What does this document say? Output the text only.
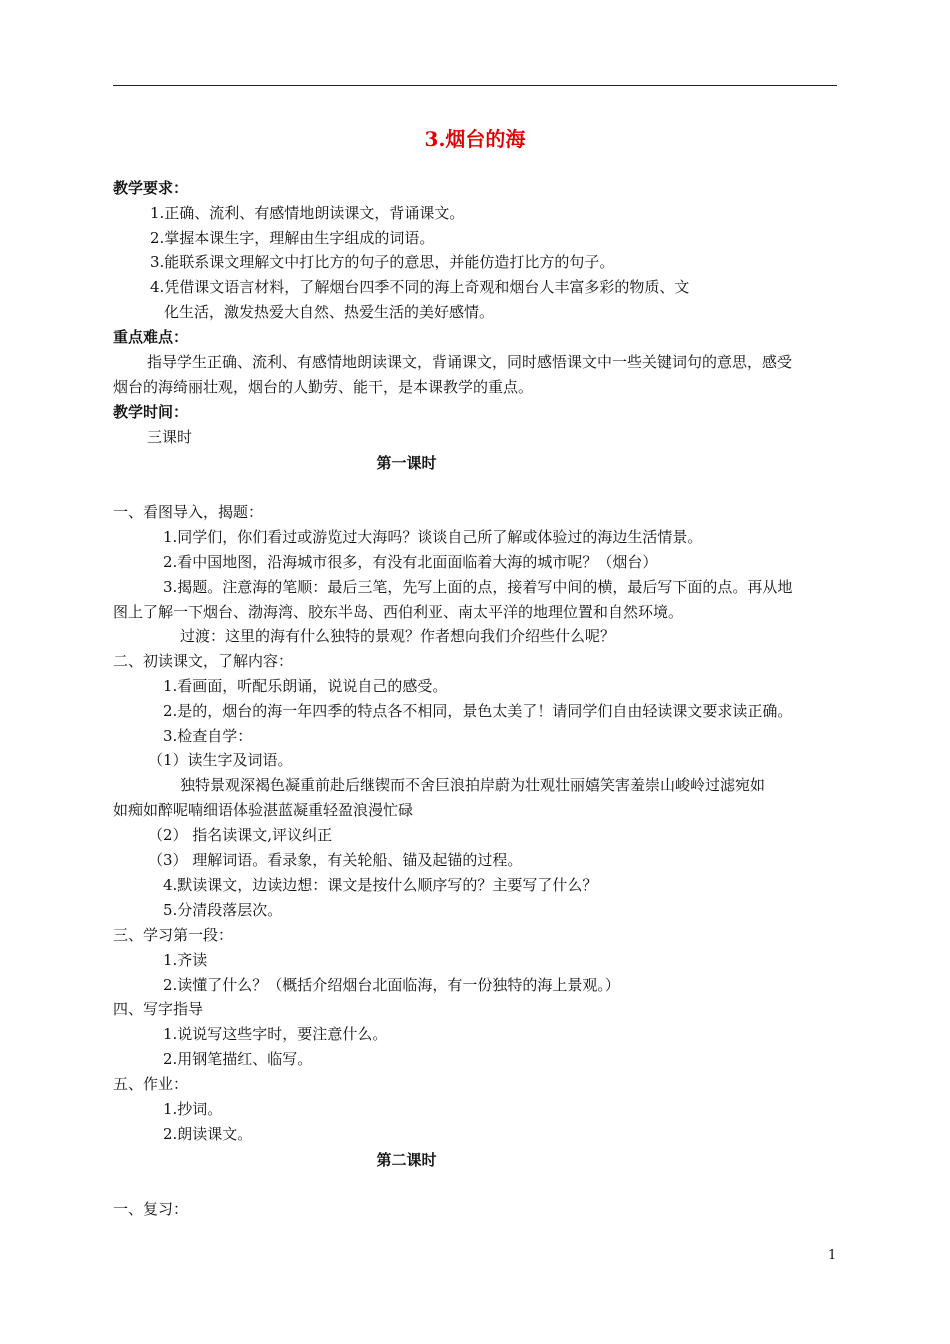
3.烟台的海
教学要求：
1.正确、流利、有感情地朗读课文，背诵课文。
2.掌握本课生字，理解由生字组成的词语。
3.能联系课文理解文中打比方的句子的意思，并能仿造打比方的句子。
4.凭借课文语言材料，了解烟台四季不同的海上奇观和烟台人丰富多彩的物质、文
化生活，激发热爱大自然、热爱生活的美好感情。
重点难点：
指导学生正确、流利、有感情地朗读课文，背诵课文，同时感悟课文中一些关键词句的意思，感受
烟台的海绮丽壮观，烟台的人勤劳、能干，是本课教学的重点。
教学时间：
三课时
第一课时
一、看图导入，揭题：
1.同学们，你们看过或游览过大海吗？谈谈自己所了解或体验过的海边生活情景。
2.看中国地图，沿海城市很多，有没有北面面临着大海的城市呢？（烟台）
3.揭题。注意海的笔顺：最后三笔，先写上面的点，接着写中间的横，最后写下面的点。再从地
图上了解一下烟台、渤海湾、胶东半岛、西伯利亚、南太平洋的地理位置和自然环境。
过渡：这里的海有什么独特的景观？作者想向我们介绍些什么呢？
二、初读课文，了解内容：
1.看画面，听配乐朗诵，说说自己的感受。
2.是的，烟台的海一年四季的特点各不相同，景色太美了！请同学们自由轻读课文要求读正确。
3.检查自学：
（1）读生字及词语。
独特景观深褐色凝重前赴后继锲而不舍巨浪拍岸蔚为壮观壮丽嬉笑害羞崇山峻岭过滤宛如
如痴如醉呢喃细语体验湛蓝凝重轻盈浪漫忙碌
（2） 指名读课文,评议纠正
（3） 理解词语。看录象，有关轮船、锚及起锚的过程。
4.默读课文，边读边想：课文是按什么顺序写的？主要写了什么？
5.分清段落层次。
三、学习第一段：
1.齐读
2.读懂了什么？（概括介绍烟台北面临海，有一份独特的海上景观。）
四、写字指导
1.说说写这些字时，要注意什么。
2.用钢笔描红、临写。
五、作业：
1.抄词。
2.朗读课文。
第二课时
一、复习：
1
